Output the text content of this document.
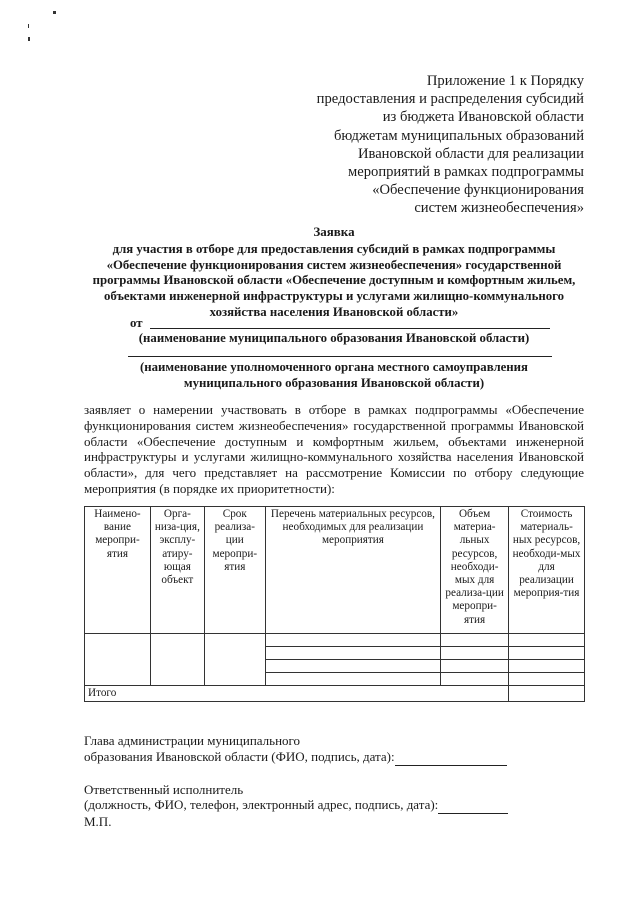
Приложение 1 к Порядку
предоставления и распределения субсидий
из бюджета Ивановской области
бюджетам муниципальных образований
Ивановской области для реализации
мероприятий в рамках подпрограммы
«Обеспечение функционирования
систем жизнеобеспечения»
Заявка
для участия в отборе для предоставления субсидий в рамках подпрограммы
«Обеспечение функционирования систем жизнеобеспечения» государственной
программы Ивановской области «Обеспечение доступным и комфортным жильем,
объектами инженерной инфраструктуры и услугами жилищно-коммунального
хозяйства населения Ивановской области»
от
(наименование муниципального образования Ивановской области)
(наименование уполномоченного органа местного самоуправления
муниципального образования Ивановской области)
заявляет о намерении участвовать в отборе в рамках подпрограммы «Обеспечение функционирования систем жизнеобеспечения» государственной программы Ивановской области «Обеспечение доступным и комфортным жильем, объектами инженерной инфраструктуры и услугами жилищно-коммунального хозяйства населения Ивановской области», для чего представляет на рассмотрение Комиссии по отбору следующие мероприятия (в порядке их приоритетности):
Наимено-вание меропри-ятия	Орга-низа-ция, эксплу-атиру-ющая объект	Срок реализа-ции меропри-ятия	Перечень материальных ресурсов, необходимых для реализации мероприятия	Объем материа-льных ресурсов, необходи-мых для реализа-ции меропри-ятия	Стоимость материаль-ных ресурсов, необходи-мых для реализации мероприя-тия

Итого					
Глава администрации муниципального
образования Ивановской области (ФИО, подпись, дата):
Ответственный исполнитель
(должность, ФИО, телефон, электронный адрес, подпись, дата):
М.П.
